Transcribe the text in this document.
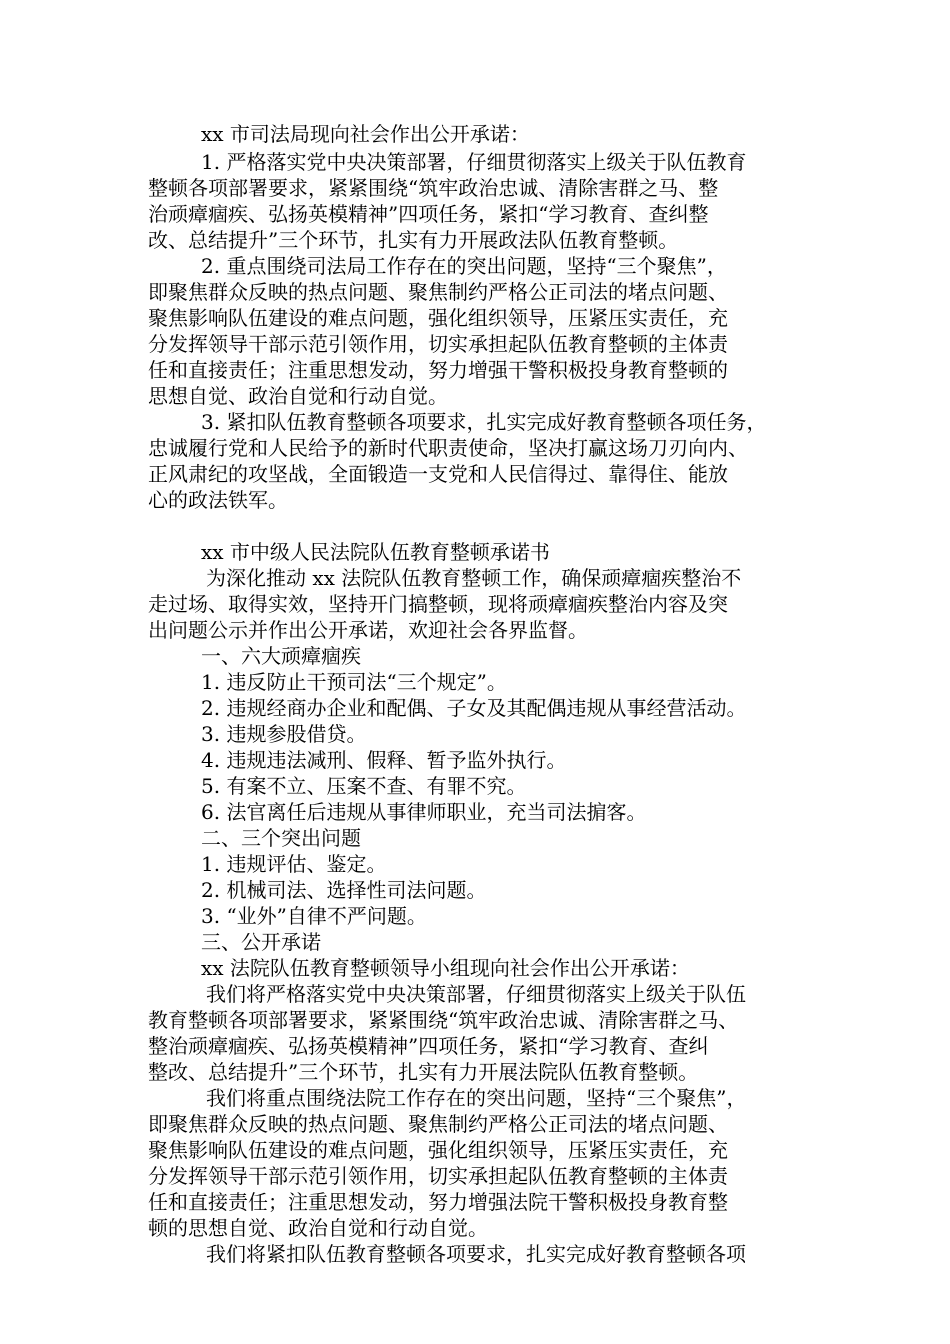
xx 市司法局现向社会作出公开承诺：
1. 严格落实党中央决策部署，仔细贯彻落实上级关于队伍教育
整顿各项部署要求，紧紧围绕“筑牢政治忠诚、清除害群之马、整
治顽瘴痼疾、弘扬英模精神”四项任务，紧扣“学习教育、查纠整
改、总结提升”三个环节，扎实有力开展政法队伍教育整顿。
2. 重点围绕司法局工作存在的突出问题，坚持“三个聚焦”，
即聚焦群众反映的热点问题、聚焦制约严格公正司法的堵点问题、
聚焦影响队伍建设的难点问题，强化组织领导，压紧压实责任，充
分发挥领导干部示范引领作用，切实承担起队伍教育整顿的主体责
任和直接责任；注重思想发动，努力增强干警积极投身教育整顿的
思想自觉、政治自觉和行动自觉。
3. 紧扣队伍教育整顿各项要求，扎实完成好教育整顿各项任务，
忠诚履行党和人民给予的新时代职责使命，坚决打赢这场刀刃向内、
正风肃纪的攻坚战，全面锻造一支党和人民信得过、靠得住、能放
心的政法铁军。
xx 市中级人民法院队伍教育整顿承诺书
为深化推动 xx 法院队伍教育整顿工作，确保顽瘴痼疾整治不
走过场、取得实效，坚持开门搞整顿，现将顽瘴痼疾整治内容及突
出问题公示并作出公开承诺，欢迎社会各界监督。
一、六大顽瘴痼疾
1. 违反防止干预司法“三个规定”。
2. 违规经商办企业和配偶、子女及其配偶违规从事经营活动。
3. 违规参股借贷。
4. 违规违法减刑、假释、暂予监外执行。
5. 有案不立、压案不查、有罪不究。
6. 法官离任后违规从事律师职业，充当司法掮客。
二、三个突出问题
1. 违规评估、鉴定。
2. 机械司法、选择性司法问题。
3. “业外”自律不严问题。
三、公开承诺
xx 法院队伍教育整顿领导小组现向社会作出公开承诺：
我们将严格落实党中央决策部署，仔细贯彻落实上级关于队伍
教育整顿各项部署要求，紧紧围绕“筑牢政治忠诚、清除害群之马、
整治顽瘴痼疾、弘扬英模精神”四项任务，紧扣“学习教育、查纠
整改、总结提升”三个环节，扎实有力开展法院队伍教育整顿。
我们将重点围绕法院工作存在的突出问题，坚持“三个聚焦”，
即聚焦群众反映的热点问题、聚焦制约严格公正司法的堵点问题、
聚焦影响队伍建设的难点问题，强化组织领导，压紧压实责任，充
分发挥领导干部示范引领作用，切实承担起队伍教育整顿的主体责
任和直接责任；注重思想发动，努力增强法院干警积极投身教育整
顿的思想自觉、政治自觉和行动自觉。
我们将紧扣队伍教育整顿各项要求，扎实完成好教育整顿各项
